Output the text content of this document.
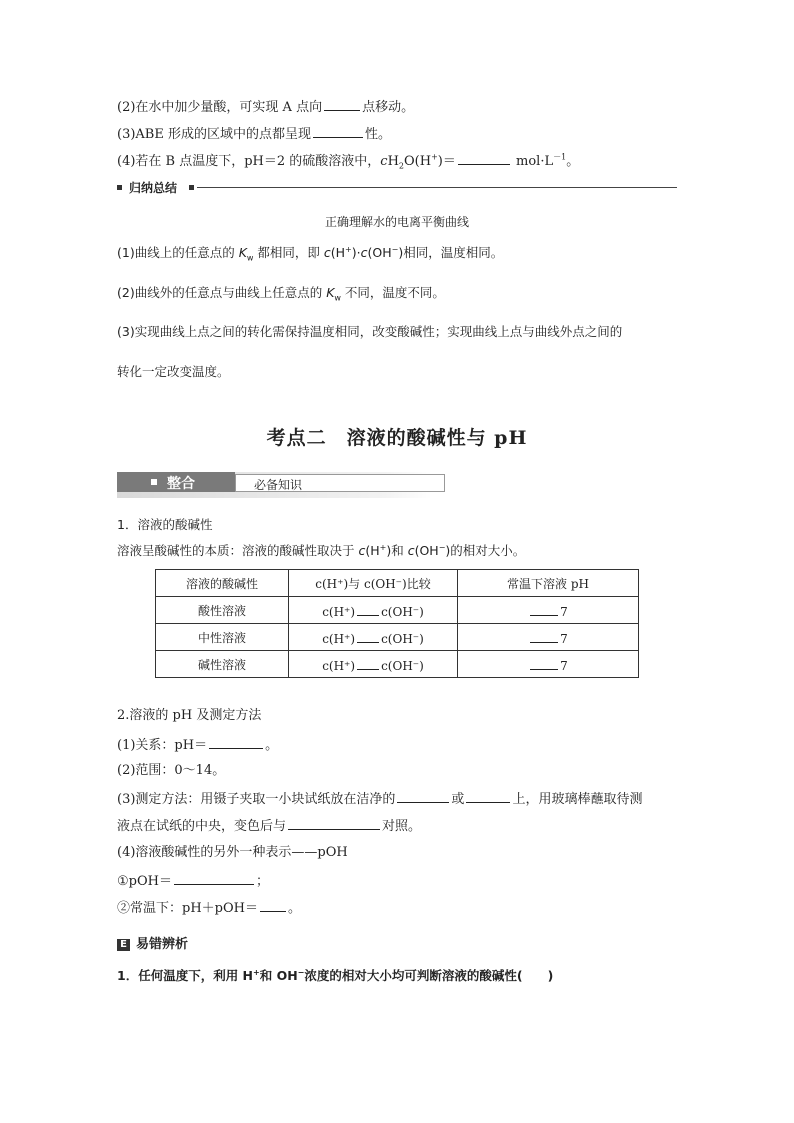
(2)在水中加少量酸，可实现 A 点向	点移动。
(3)ABE 形成的区域中的点都呈现	性。
(4)若在 B 点温度下，pH＝2 的硫酸溶液中，$cH_2O(H^+)=$	$mol\cdot L^{-1}$。
归纳总结
正确理解水的电离平衡曲线
(1)曲线上的任意点的 $K_w$ 都相同，即 c(H+)·c(OH−)相同，温度相同。
(2)曲线外的任意点与曲线上任意点的 $K_w$ 不同，温度不同。
(3)实现曲线上点之间的转化需保持温度相同，改变酸碱性；实现曲线上点与曲线外点之间的
转化一定改变温度。
考点二　溶液的酸碱性与 pH
整合	必备知识
1．溶液的酸碱性
溶液呈酸碱性的本质：溶液的酸碱性取决于 c(H+)和 c(OH−)的相对大小。
溶液的酸碱性	c(H⁺)与 c(OH⁻)比较	常温下溶液 pH
酸性溶液	c(H⁺) c(OH⁻)	7
中性溶液	c(H⁺) c(OH⁻)	7
碱性溶液	c(H⁺) c(OH⁻)	7
2.溶液的 pH 及测定方法
(1)关系：pH＝	。
(2)范围：0～14。
(3)测定方法：用镊子夹取一小块试纸放在洁净的	或	上，用玻璃棒蘸取待测
液点在试纸的中央，变色后与	对照。
(4)溶液酸碱性的另外一种表示——pOH
①pOH＝	；
②常温下：pH＋pOH＝ 。
E 易错辨析
1．任何温度下，利用 H+和 OH−浓度的相对大小均可判断溶液的酸碱性(　　)
